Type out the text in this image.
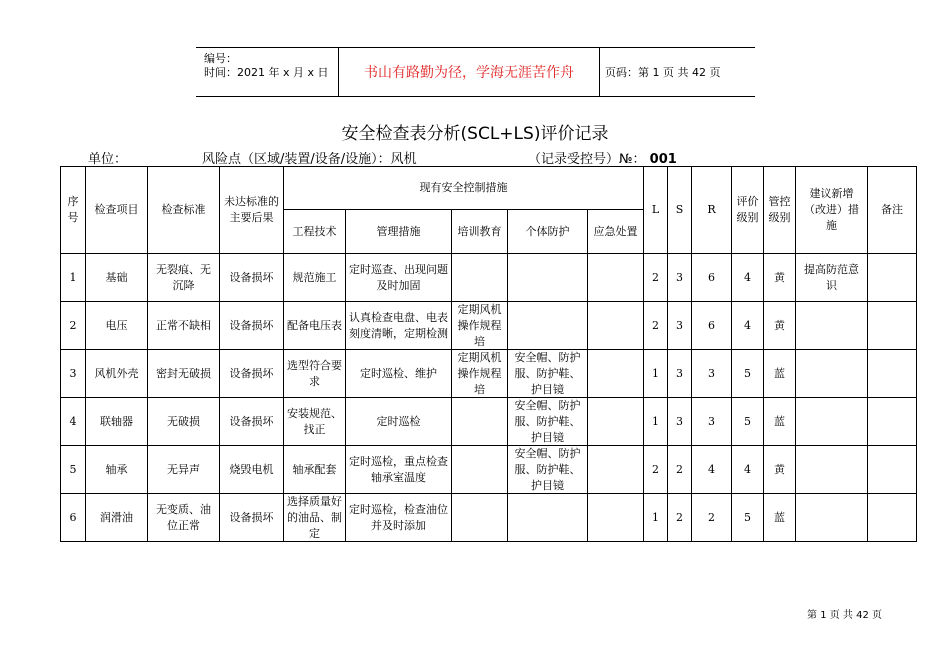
编号：
时间：2021 年 x 月 x 日	书山有路勤为径，学海无涯苦作舟	页码：第 1 页 共 42 页
安全检查表分析(SCL+LS)评价记录
单位：	风险点（区域/装置/设备/设施）：风机	（记录受控号）№： 001
序号	检查项目	检查标准	未达标准的主要后果	现有安全控制措施					L	S	R	评价级别	管控级别	建议新增（改进）措施	备注
				工程技术	管理措施	培训教育	个体防护	应急处置							
1	基础	无裂痕、无沉降	设备损坏	规范施工	定时巡查、出现问题及时加固				2	3	6	4	黄	提高防范意识	
2	电压	正常不缺相	设备损坏	配备电压表	认真检查电盘、电表刻度清晰，定期检测	定期风机操作规程培			2	3	6	4	黄		
3	风机外壳	密封无破损	设备损坏	选型符合要求	定时巡检、维护	定期风机操作规程培	安全帽、防护服、防护鞋、护目镜		1	3	3	5	蓝		
4	联轴器	无破损	设备损坏	安装规范、找正	定时巡检		安全帽、防护服、防护鞋、护目镜		1	3	3	5	蓝		
5	轴承	无异声	烧毁电机	轴承配套	定时巡检，重点检查轴承室温度		安全帽、防护服、防护鞋、护目镜		2	2	4	4	黄		
6	润滑油	无变质、油位正常	设备损坏	选择质量好的油品、制定	定时巡检，检查油位并及时添加				1	2	2	5	蓝		
第 1 页 共 42 页
